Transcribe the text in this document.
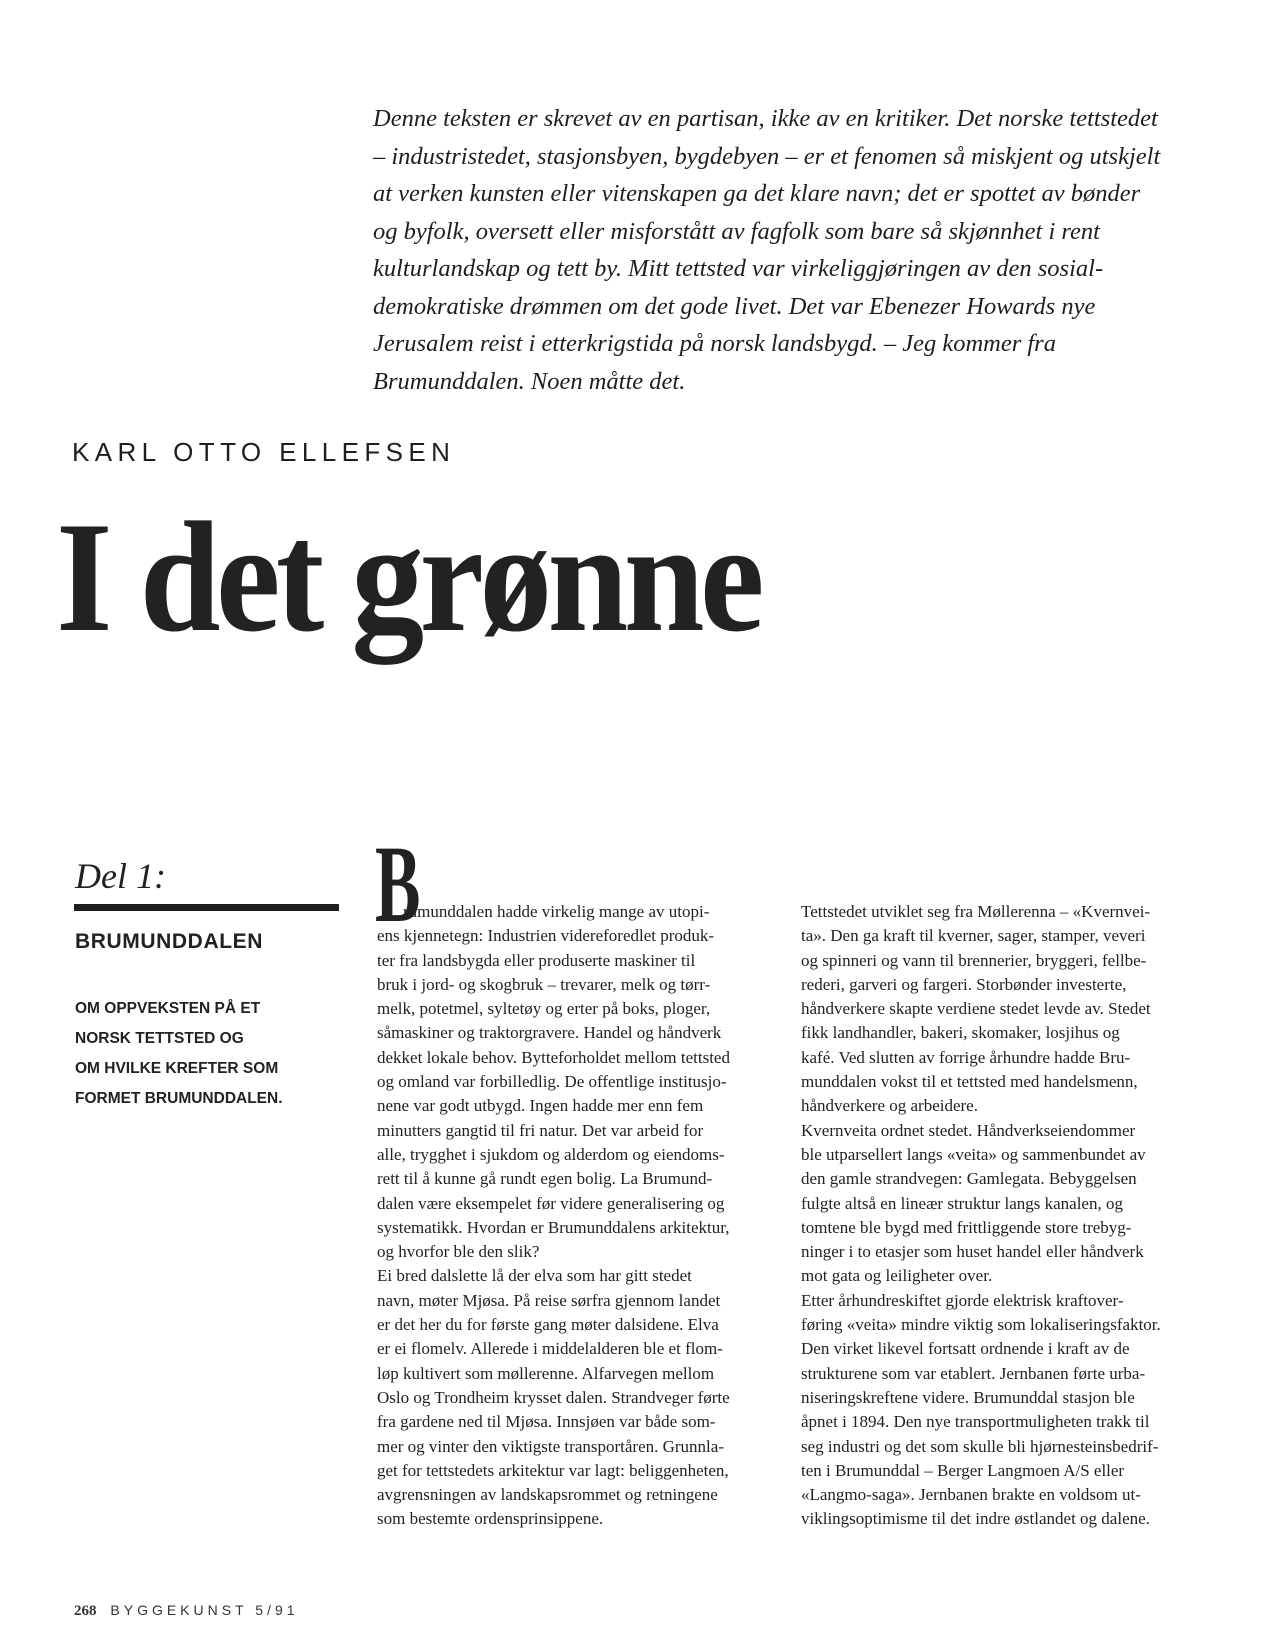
Denne teksten er skrevet av en partisan, ikke av en kritiker. Det norske tettstedet
– industristedet, stasjonsbyen, bygdebyen – er et fenomen så miskjent og utskjelt
at verken kunsten eller vitenskapen ga det klare navn; det er spottet av bønder
og byfolk, oversett eller misforstått av fagfolk som bare så skjønnhet i rent
kulturlandskap og tett by. Mitt tettsted var virkeliggjøringen av den sosial-
demokratiske drømmen om det gode livet. Det var Ebenezer Howards nye
Jerusalem reist i etterkrigstida på norsk landsbygd. – Jeg kommer fra
Brumunddalen. Noen måtte det.
KARL OTTO ELLEFSEN
I det grønne
Del 1:
BRUMUNDDALEN
OM OPPVEKSTEN PÅ ET
NORSK TETTSTED OG
OM HVILKE KREFTER SOM
FORMET BRUMUNDDALEN.
B
rumunddalen hadde virkelig mange av utopi-
ens kjennetegn: Industrien videreforedlet produk-
ter fra landsbygda eller produserte maskiner til
bruk i jord- og skogbruk – trevarer, melk og tørr-
melk, potetmel, syltetøy og erter på boks, ploger,
såmaskiner og traktorgravere. Handel og håndverk
dekket lokale behov. Bytteforholdet mellom tettsted
og omland var forbilledlig. De offentlige institusjo-
nene var godt utbygd. Ingen hadde mer enn fem
minutters gangtid til fri natur. Det var arbeid for
alle, trygghet i sjukdom og alderdom og eiendoms-
rett til å kunne gå rundt egen bolig. La Brumund-
dalen være eksempelet før videre generalisering og
systematikk. Hvordan er Brumunddalens arkitektur,
og hvorfor ble den slik?
Ei bred dalslette lå der elva som har gitt stedet
navn, møter Mjøsa. På reise sørfra gjennom landet
er det her du for første gang møter dalsidene. Elva
er ei flomelv. Allerede i middelalderen ble et flom-
løp kultivert som møllerenne. Alfarvegen mellom
Oslo og Trondheim krysset dalen. Strandveger førte
fra gardene ned til Mjøsa. Innsjøen var både som-
mer og vinter den viktigste transportåren. Grunnla-
get for tettstedets arkitektur var lagt: beliggenheten,
avgrensningen av landskapsrommet og retningene
som bestemte ordensprinsippene.
Tettstedet utviklet seg fra Møllerenna – «Kvernvei-
ta». Den ga kraft til kverner, sager, stamper, veveri
og spinneri og vann til brennerier, bryggeri, fellbe-
rederi, garveri og fargeri. Storbønder investerte,
håndverkere skapte verdiene stedet levde av. Stedet
fikk landhandler, bakeri, skomaker, losjihus og
kafé. Ved slutten av forrige århundre hadde Bru-
munddalen vokst til et tettsted med handelsmenn,
håndverkere og arbeidere.
Kvernveita ordnet stedet. Håndverkseiendommer
ble utparsellert langs «veita» og sammenbundet av
den gamle strandvegen: Gamlegata. Bebyggelsen
fulgte altså en lineær struktur langs kanalen, og
tomtene ble bygd med frittliggende store trebyg-
ninger i to etasjer som huset handel eller håndverk
mot gata og leiligheter over.
Etter århundreskiftet gjorde elektrisk kraftover-
føring «veita» mindre viktig som lokaliseringsfaktor.
Den virket likevel fortsatt ordnende i kraft av de
strukturene som var etablert. Jernbanen førte urba-
niseringskreftene videre. Brumunddal stasjon ble
åpnet i 1894. Den nye transportmuligheten trakk til
seg industri og det som skulle bli hjørnesteinsbedrif-
ten i Brumunddal – Berger Langmoen A/S eller
«Langmo-saga». Jernbanen brakte en voldsom ut-
viklingsoptimisme til det indre østlandet og dalene.
268 BYGGEKUNST 5/91
